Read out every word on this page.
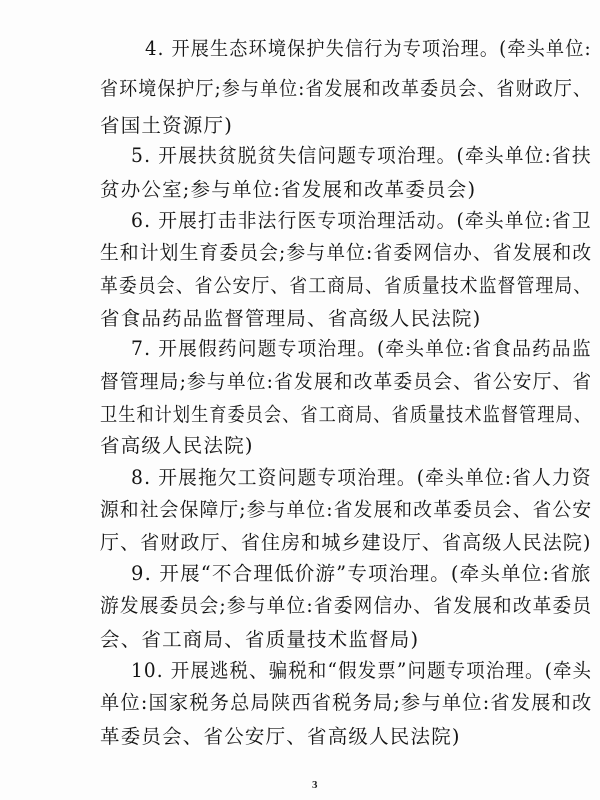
4. 开展生态环境保护失信行为专项治理。(牵头单位:
省环境保护厅;参与单位:省发展和改革委员会、省财政厅、
省国土资源厅)
5. 开展扶贫脱贫失信问题专项治理。(牵头单位:省扶
贫办公室;参与单位:省发展和改革委员会)
6. 开展打击非法行医专项治理活动。(牵头单位:省卫
生和计划生育委员会;参与单位:省委网信办、省发展和改
革委员会、省公安厅、省工商局、省质量技术监督管理局、
省食品药品监督管理局、省高级人民法院)
7. 开展假药问题专项治理。(牵头单位:省食品药品监
督管理局;参与单位:省发展和改革委员会、省公安厅、省
卫生和计划生育委员会、省工商局、省质量技术监督管理局、
省高级人民法院)
8. 开展拖欠工资问题专项治理。(牵头单位:省人力资
源和社会保障厅;参与单位:省发展和改革委员会、省公安
厅、省财政厅、省住房和城乡建设厅、省高级人民法院)
9. 开展“不合理低价游”专项治理。(牵头单位:省旅
游发展委员会;参与单位:省委网信办、省发展和改革委员
会、省工商局、省质量技术监督局)
10. 开展逃税、骗税和“假发票”问题专项治理。(牵头
单位:国家税务总局陕西省税务局;参与单位:省发展和改
革委员会、省公安厅、省高级人民法院)
3
